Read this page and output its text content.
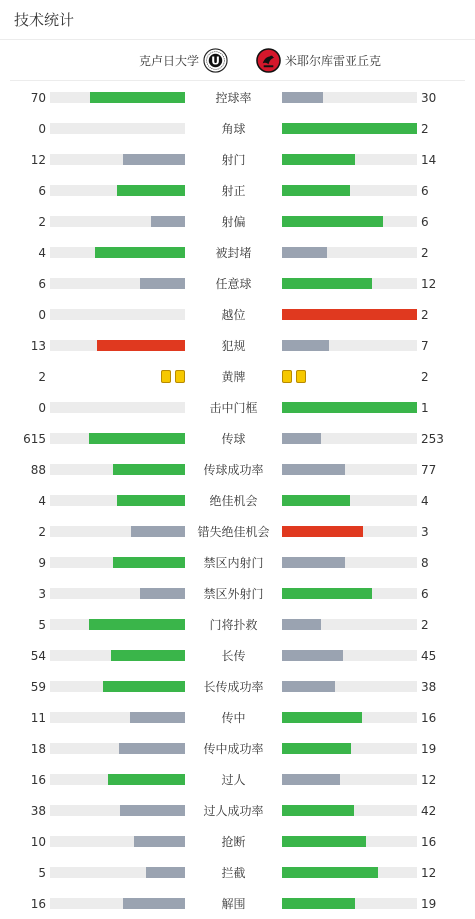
技术统计
克卢日大学 U	米耶尔库雷亚丘克
70	控球率	30
0	角球	2
12	射门	14
6	射正	6
2	射偏	6
4	被封堵	2
6	任意球	12
0	越位	2
13	犯规	7
2	黄牌	2
0	击中门框	1
615	传球	253
88	传球成功率	77
4	绝佳机会	4
2	错失绝佳机会	3
9	禁区内射门	8
3	禁区外射门	6
5	门将扑救	2
54	长传	45
59	长传成功率	38
11	传中	16
18	传中成功率	19
16	过人	12
38	过人成功率	42
10	抢断	16
5	拦截	12
16	解围	19
